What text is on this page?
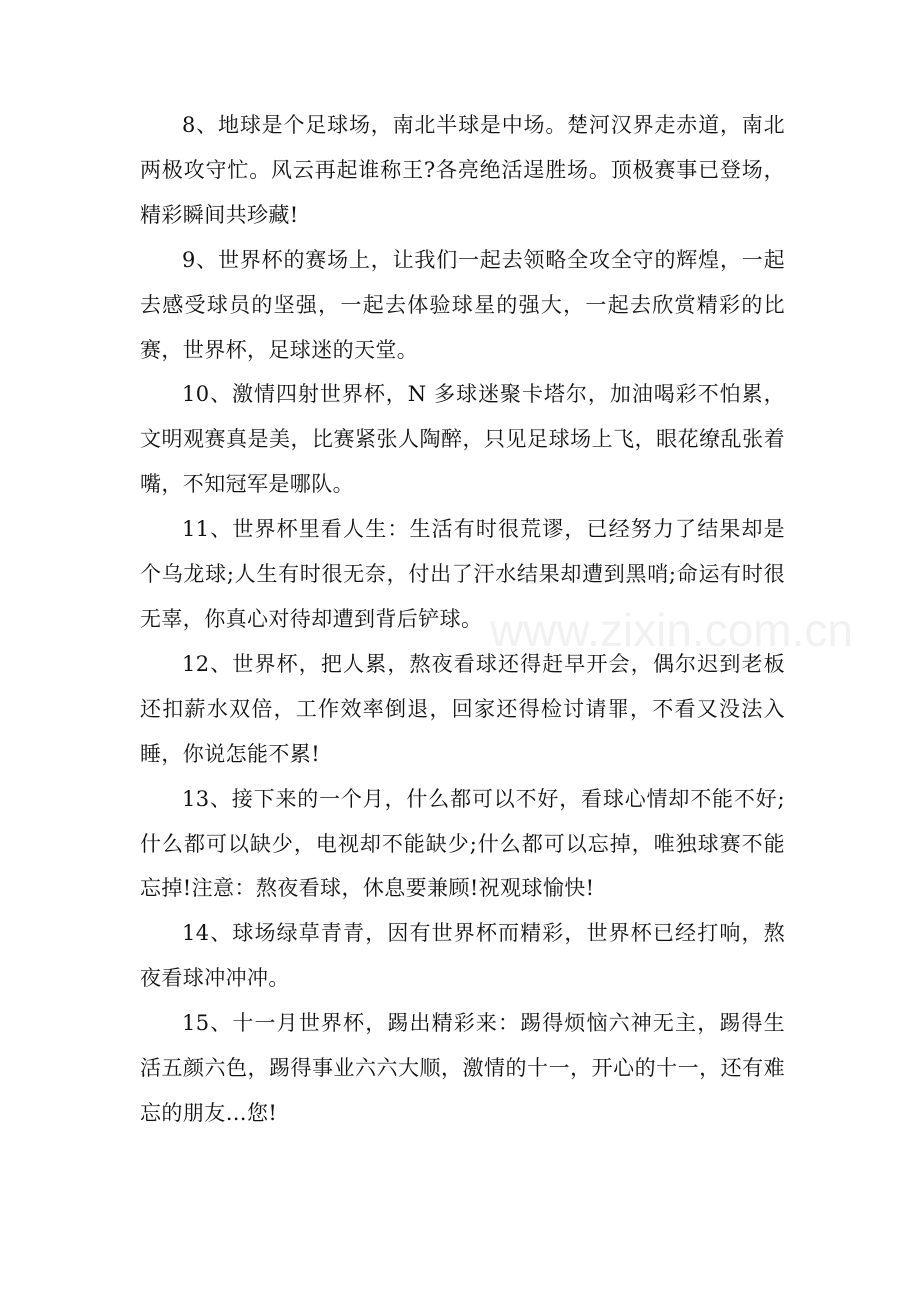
www.zixin.com.cn

8、地球是个足球场，南北半球是中场。楚河汉界走赤道，南北两极攻守忙。风云再起谁称王?各亮绝活逞胜场。顶极赛事已登场，精彩瞬间共珍藏!

9、世界杯的赛场上，让我们一起去领略全攻全守的辉煌，一起去感受球员的坚强，一起去体验球星的强大，一起去欣赏精彩的比赛，世界杯，足球迷的天堂。

10、激情四射世界杯，N 多球迷聚卡塔尔，加油喝彩不怕累，文明观赛真是美，比赛紧张人陶醉，只见足球场上飞，眼花缭乱张着嘴，不知冠军是哪队。

11、世界杯里看人生：生活有时很荒谬，已经努力了结果却是个乌龙球;人生有时很无奈，付出了汗水结果却遭到黑哨;命运有时很无辜，你真心对待却遭到背后铲球。

12、世界杯，把人累，熬夜看球还得赶早开会，偶尔迟到老板还扣薪水双倍，工作效率倒退，回家还得检讨请罪，不看又没法入睡，你说怎能不累!

13、接下来的一个月，什么都可以不好，看球心情却不能不好;什么都可以缺少，电视却不能缺少;什么都可以忘掉，唯独球赛不能忘掉!注意：熬夜看球，休息要兼顾!祝观球愉快!

14、球场绿草青青，因有世界杯而精彩，世界杯已经打响，熬夜看球冲冲冲。

15、十一月世界杯，踢出精彩来：踢得烦恼六神无主，踢得生活五颜六色，踢得事业六六大顺，激情的十一，开心的十一，还有难忘的朋友…您!
